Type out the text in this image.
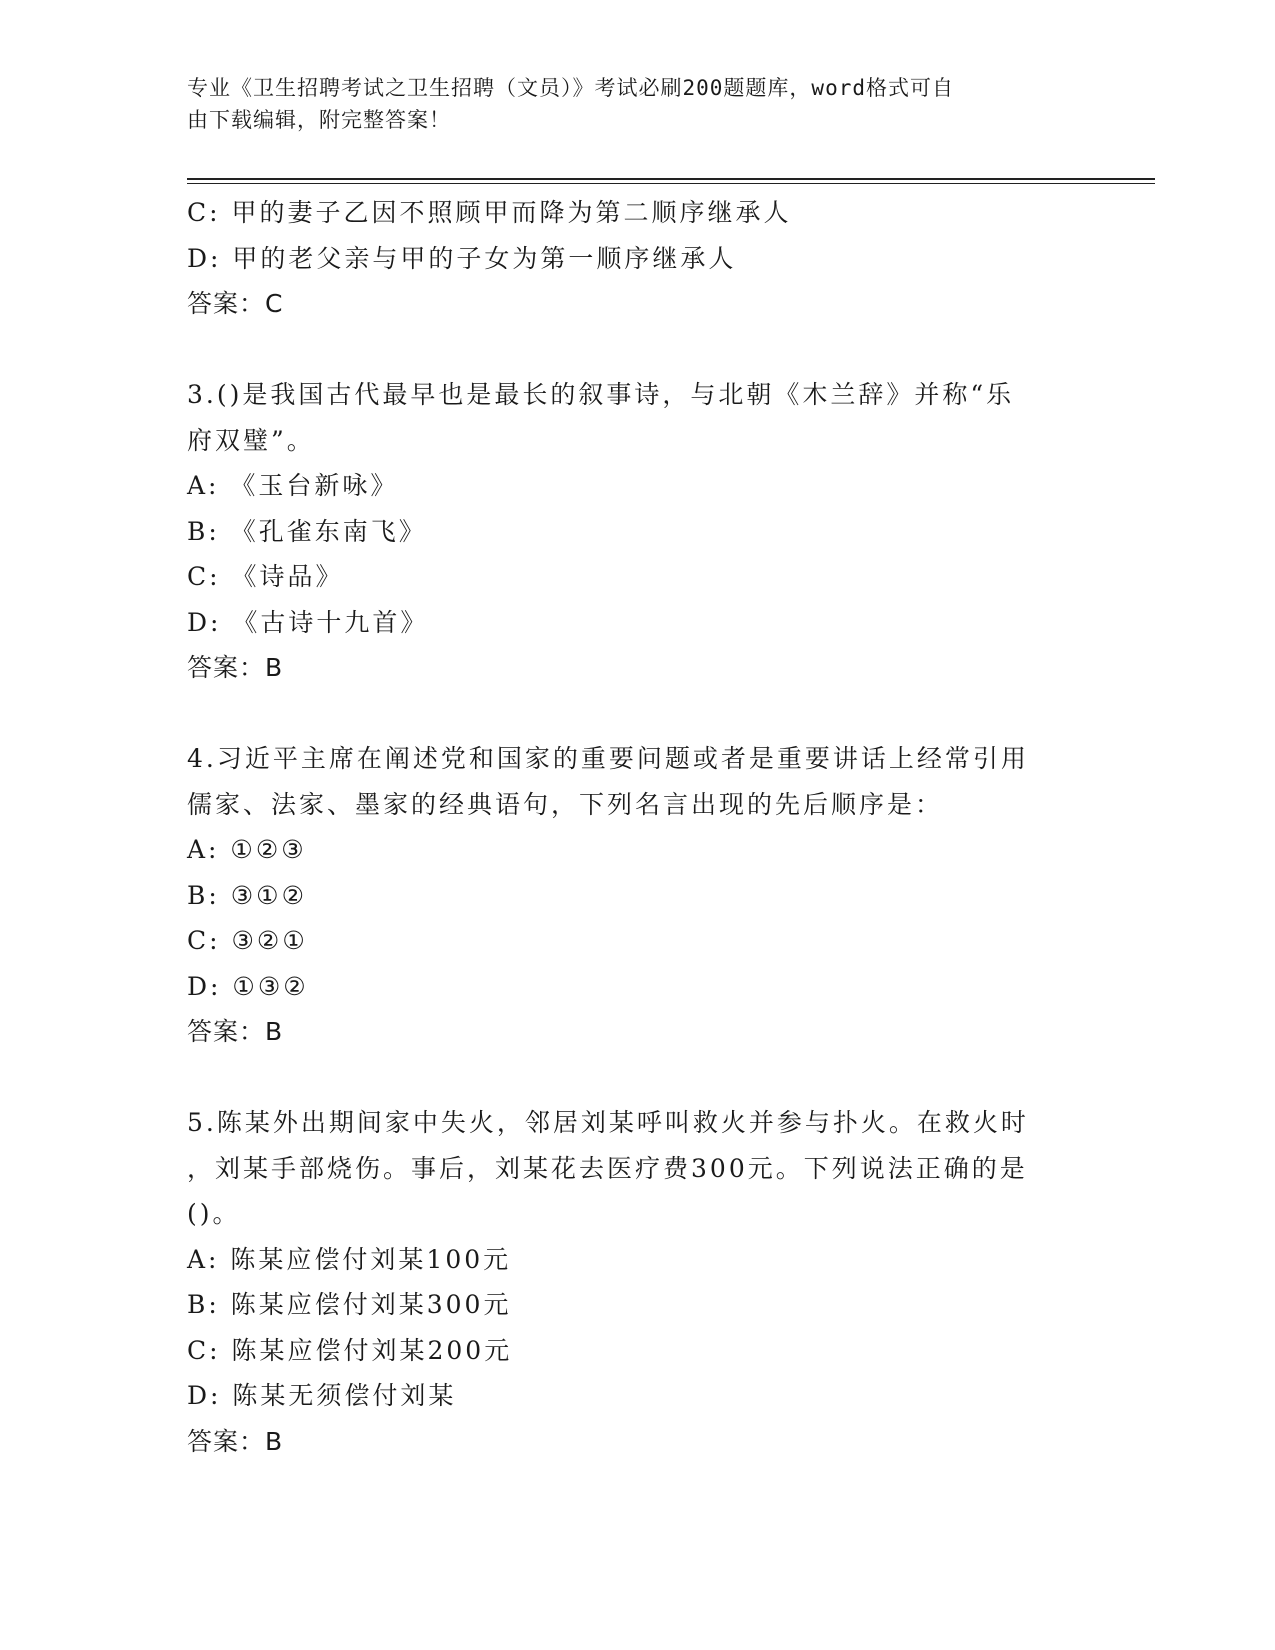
专业《卫生招聘考试之卫生招聘（文员）》考试必刷200题题库，word格式可自
由下载编辑，附完整答案！
C: 甲的妻子乙因不照顾甲而降为第二顺序继承人
D: 甲的老父亲与甲的子女为第一顺序继承人
答案：C
3.()是我国古代最早也是最长的叙事诗，与北朝《木兰辞》并称“乐
府双璧”。
A: 《玉台新咏》
B: 《孔雀东南飞》
C: 《诗品》
D: 《古诗十九首》
答案：B
4.习近平主席在阐述党和国家的重要问题或者是重要讲话上经常引用
儒家、法家、墨家的经典语句，下列名言出现的先后顺序是：
A: ①②③
B: ③①②
C: ③②①
D: ①③②
答案：B
5.陈某外出期间家中失火，邻居刘某呼叫救火并参与扑火。在救火时
，刘某手部烧伤。事后，刘某花去医疗费300元。下列说法正确的是
()。
A: 陈某应偿付刘某100元
B: 陈某应偿付刘某300元
C: 陈某应偿付刘某200元
D: 陈某无须偿付刘某
答案：B
